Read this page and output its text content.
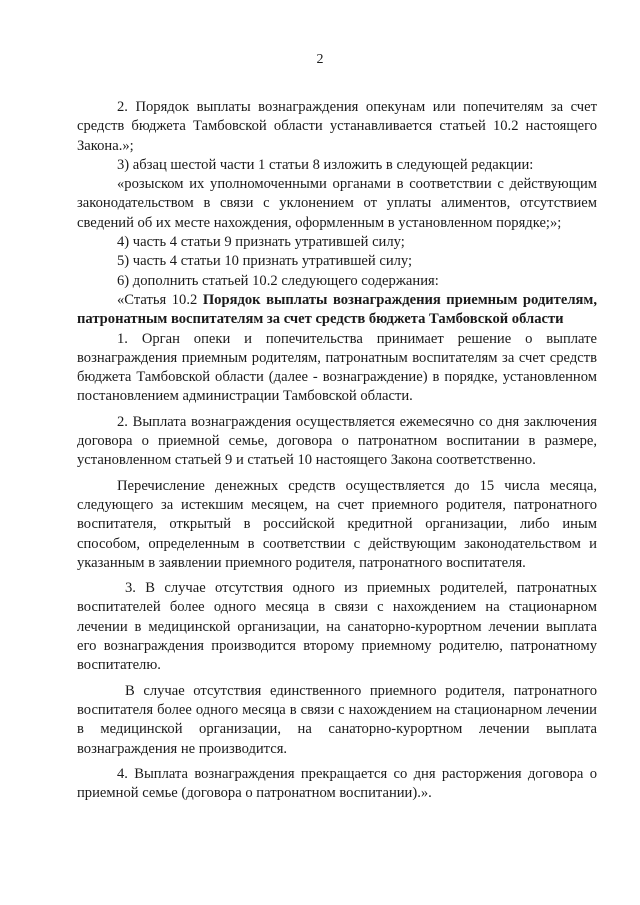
2

2. Порядок выплаты вознаграждения опекунам или попечителям за счет средств бюджета Тамбовской области устанавливается статьей 10.2 настоящего Закона.»;

3) абзац шестой части 1 статьи 8 изложить в следующей редакции:

«розыском их уполномоченными органами в соответствии с действующим законодательством в связи с уклонением от уплаты алиментов, отсутствием сведений об их месте нахождения, оформленным в установленном порядке;»;

4) часть 4 статьи 9 признать утратившей силу;

5) часть 4 статьи 10 признать утратившей силу;

6) дополнить статьей 10.2 следующего содержания:

«Статья 10.2 Порядок выплаты вознаграждения приемным родителям, патронатным воспитателям за счет средств бюджета Тамбовской области

1. Орган опеки и попечительства принимает решение о выплате вознаграждения приемным родителям, патронатным воспитателям за счет средств бюджета Тамбовской области (далее - вознаграждение) в порядке, установленном постановлением администрации Тамбовской области.

2. Выплата вознаграждения осуществляется ежемесячно со дня заключения договора о приемной семье, договора о патронатном воспитании в размере, установленном статьей 9 и статьей 10 настоящего Закона соответственно.

Перечисление денежных средств осуществляется до 15 числа месяца, следующего за истекшим месяцем, на счет приемного родителя, патронатного воспитателя, открытый в российской кредитной организации, либо иным способом, определенным в соответствии с действующим законодательством и указанным в заявлении приемного родителя, патронатного воспитателя.

3. В случае отсутствия одного из приемных родителей, патронатных воспитателей более одного месяца в связи с нахождением на стационарном лечении в медицинской организации, на санаторно-курортном лечении выплата его вознаграждения производится второму приемному родителю, патронатному воспитателю.

В случае отсутствия единственного приемного родителя, патронатного воспитателя более одного месяца в связи с нахождением на стационарном лечении в медицинской организации, на санаторно-курортном лечении выплата вознаграждения не производится.

4. Выплата вознаграждения прекращается со дня расторжения договора о приемной семье (договора о патронатном воспитании).».
